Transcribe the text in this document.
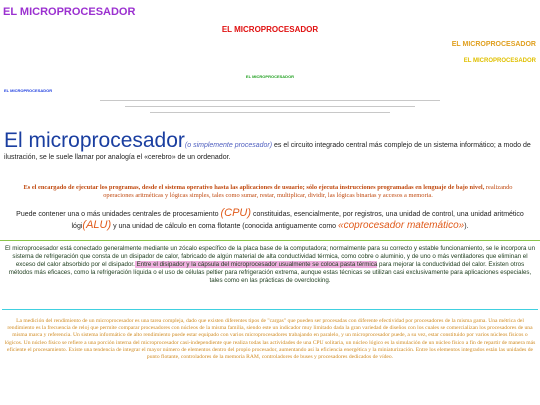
EL MICROPROCESADOR
EL MICROPROCESADOR
EL MICROPROCESADOR
EL MICROPROCESADOR
EL MICROPROCESADOR
EL MICROPROCESADOR
El microprocesador(o simplemente procesador) es el circuito integrado central más complejo de un sistema informático; a modo de ilustración, se le suele llamar por analogía el «cerebro» de un ordenador.
Es el encargado de ejecutar los programas, desde el sistema operativo hasta las aplicaciones de usuario; sólo ejecuta instrucciones programadas en lenguaje de bajo nivel, realizando operaciones aritméticas y lógicas simples, tales como sumar, restar, multiplicar, dividir, las lógicas binarias y accesos a memoria.
Puede contener una o más unidades centrales de procesamiento (CPU) constituidas, esencialmente, por registros, una unidad de control, una unidad aritmético lógi(ALU) y una unidad de cálculo en coma flotante (conocida antiguamente como «coprocesador matemático»).
El microprocesador está conectado generalmente mediante un zócalo específico de la placa base de la computadora; normalmente para su correcto y estable funcionamiento, se le incorpora un sistema de refrigeración que consta de un disipador de calor, fabricado de algún material de alta conductividad térmica, como cobre o aluminio, y de uno o más ventiladores que eliminan el exceso del calor absorbido por el disipador. Entre el disipador y la cápsula del microprocesador usualmente se coloca pasta térmica para mejorar la conductividad del calor. Existen otros métodos más eficaces, como la refrigeración líquida o el uso de células peltier para refrigeración extrema, aunque estas técnicas se utilizan casi exclusivamente para aplicaciones especiales, tales como en las prácticas de overclocking.
La medición del rendimiento de un microprocesador es una tarea compleja, dado que existen diferentes tipos de "cargas" que pueden ser procesadas con diferente efectividad por procesadores de la misma gama. Una métrica del rendimiento es la frecuencia de reloj que permite comparar procesadores con núcleos de la misma familia, siendo este un indicador muy limitado dada la gran variedad de diseños con los cuales se comercializan los procesadores de una misma marca y referencia. Un sistema informático de alto rendimiento puede estar equipado con varios microprocesadores trabajando en paralelo, y un microprocesador puede, a su vez, estar constituido por varios núcleos físicos o lógicos. Un núcleo físico se refiere a una porción interna del microprocesador casi-independiente que realiza todas las actividades de una CPU solitaria, un núcleo lógico es la simulación de un núcleo físico a fin de repartir de manera más eficiente el procesamiento. Existe una tendencia de integrar el mayor número de elementos dentro del propio procesador, aumentando así la eficiencia energética y la miniaturización. Entre los elementos integrados están las unidades de punto flotante, controladores de la memoria RAM, controladores de buses y procesadores dedicados de vídeo.
